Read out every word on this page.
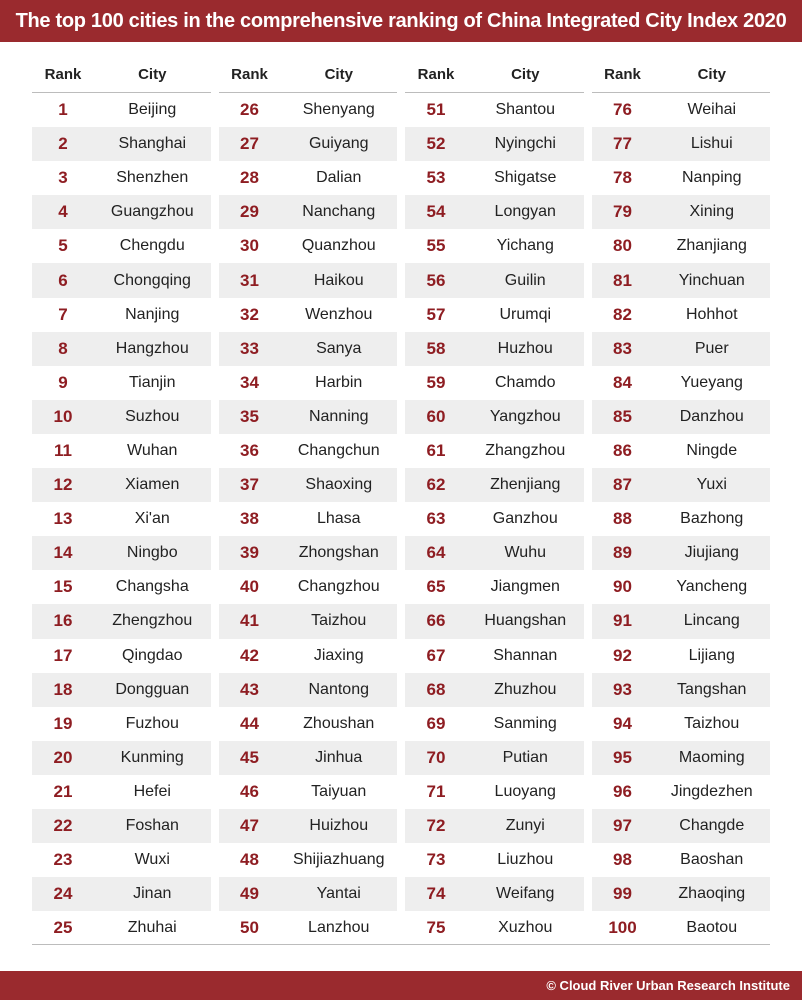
The top 100 cities in the comprehensive ranking of China Integrated City Index 2020
Rank	City
1	Beijing
2	Shanghai
3	Shenzhen
4	Guangzhou
5	Chengdu
6	Chongqing
7	Nanjing
8	Hangzhou
9	Tianjin
10	Suzhou
11	Wuhan
12	Xiamen
13	Xi'an
14	Ningbo
15	Changsha
16	Zhengzhou
17	Qingdao
18	Dongguan
19	Fuzhou
20	Kunming
21	Hefei
22	Foshan
23	Wuxi
24	Jinan
25	Zhuhai
Rank	City
26	Shenyang
27	Guiyang
28	Dalian
29	Nanchang
30	Quanzhou
31	Haikou
32	Wenzhou
33	Sanya
34	Harbin
35	Nanning
36	Changchun
37	Shaoxing
38	Lhasa
39	Zhongshan
40	Changzhou
41	Taizhou
42	Jiaxing
43	Nantong
44	Zhoushan
45	Jinhua
46	Taiyuan
47	Huizhou
48	Shijiazhuang
49	Yantai
50	Lanzhou
Rank	City
51	Shantou
52	Nyingchi
53	Shigatse
54	Longyan
55	Yichang
56	Guilin
57	Urumqi
58	Huzhou
59	Chamdo
60	Yangzhou
61	Zhangzhou
62	Zhenjiang
63	Ganzhou
64	Wuhu
65	Jiangmen
66	Huangshan
67	Shannan
68	Zhuzhou
69	Sanming
70	Putian
71	Luoyang
72	Zunyi
73	Liuzhou
74	Weifang
75	Xuzhou
Rank	City
76	Weihai
77	Lishui
78	Nanping
79	Xining
80	Zhanjiang
81	Yinchuan
82	Hohhot
83	Puer
84	Yueyang
85	Danzhou
86	Ningde
87	Yuxi
88	Bazhong
89	Jiujiang
90	Yancheng
91	Lincang
92	Lijiang
93	Tangshan
94	Taizhou
95	Maoming
96	Jingdezhen
97	Changde
98	Baoshan
99	Zhaoqing
100	Baotou
© Cloud River Urban Research Institute
